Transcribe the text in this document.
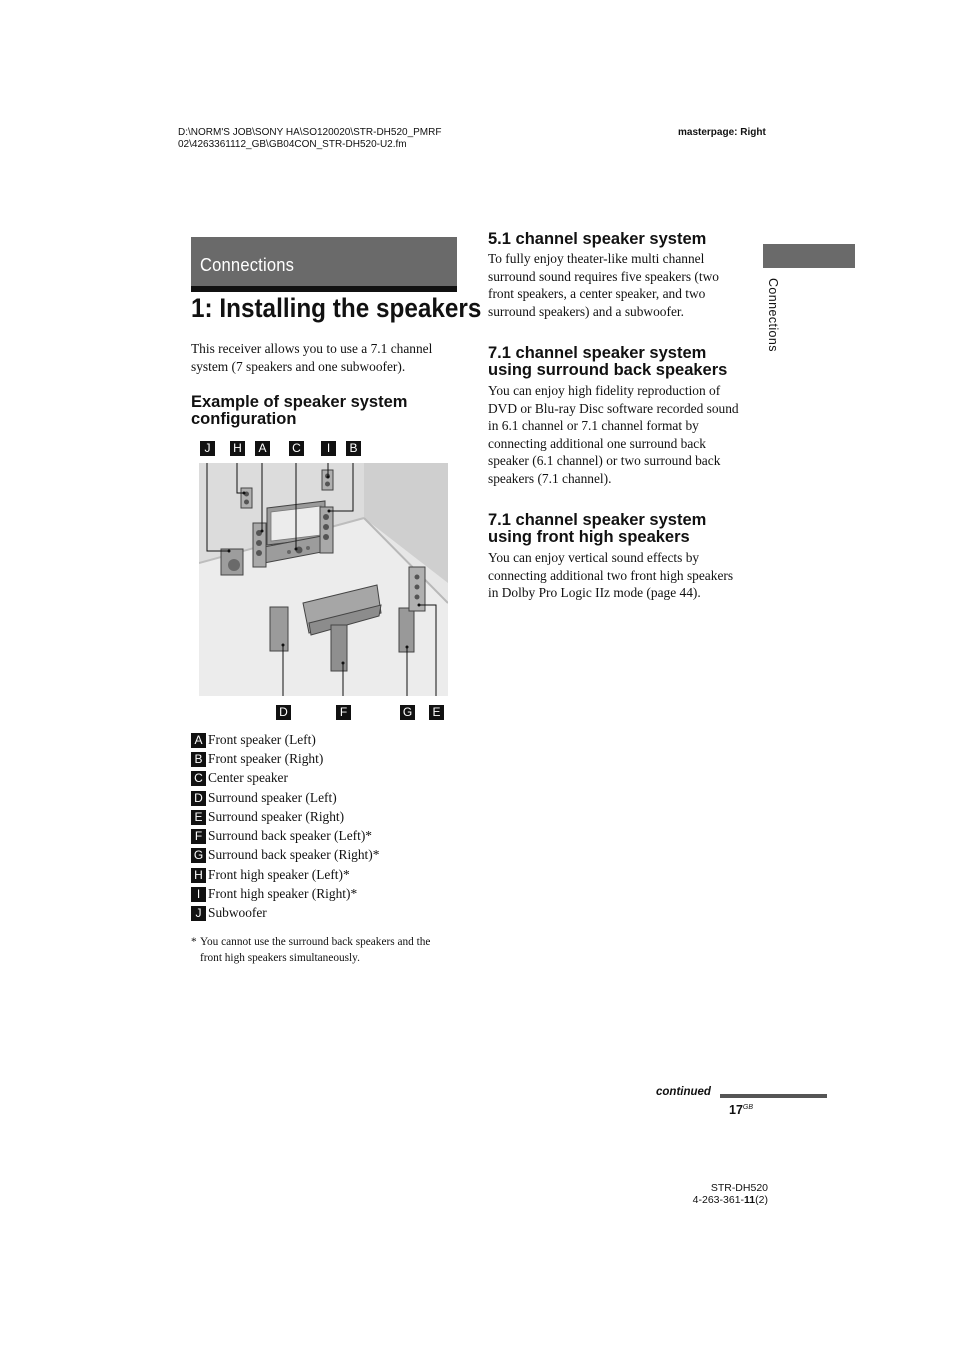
D:\NORM'S JOB\SONY HA\SO120020\STR-DH520_PMRF
02\4263361112_GB\GB04CON_STR-DH520-U2.fm
masterpage: Right
Connections
Connections
1: Installing the speakers
This receiver allows you to use a 7.1 channel system (7 speakers and one subwoofer).
Example of speaker system configuration
J	H A C	I	B
D	F	G E
A Front speaker (Left)
B Front speaker (Right)
C Center speaker
D Surround speaker (Left)
E Surround speaker (Right)
F Surround back speaker (Left)*
G Surround back speaker (Right)*
H Front high speaker (Left)*
I Front high speaker (Right)*
J Subwoofer
* You cannot use the surround back speakers and the
front high speakers simultaneously.
5.1 channel speaker system
To fully enjoy theater-like multi channel
surround sound requires five speakers (two
front speakers, a center speaker, and two
surround speakers) and a subwoofer.
7.1 channel speaker system
using surround back speakers
You can enjoy high fidelity reproduction of
DVD or Blu-ray Disc software recorded sound
in 6.1 channel or 7.1 channel format by
connecting additional one surround back
speaker (6.1 channel) or two surround back
speakers (7.1 channel).
7.1 channel speaker system
using front high speakers
You can enjoy vertical sound effects by
connecting additional two front high speakers
in Dolby Pro Logic IIz mode (page 44).
continued
$17^{GB}$
STR-DH520
4-263-361-11(2)
